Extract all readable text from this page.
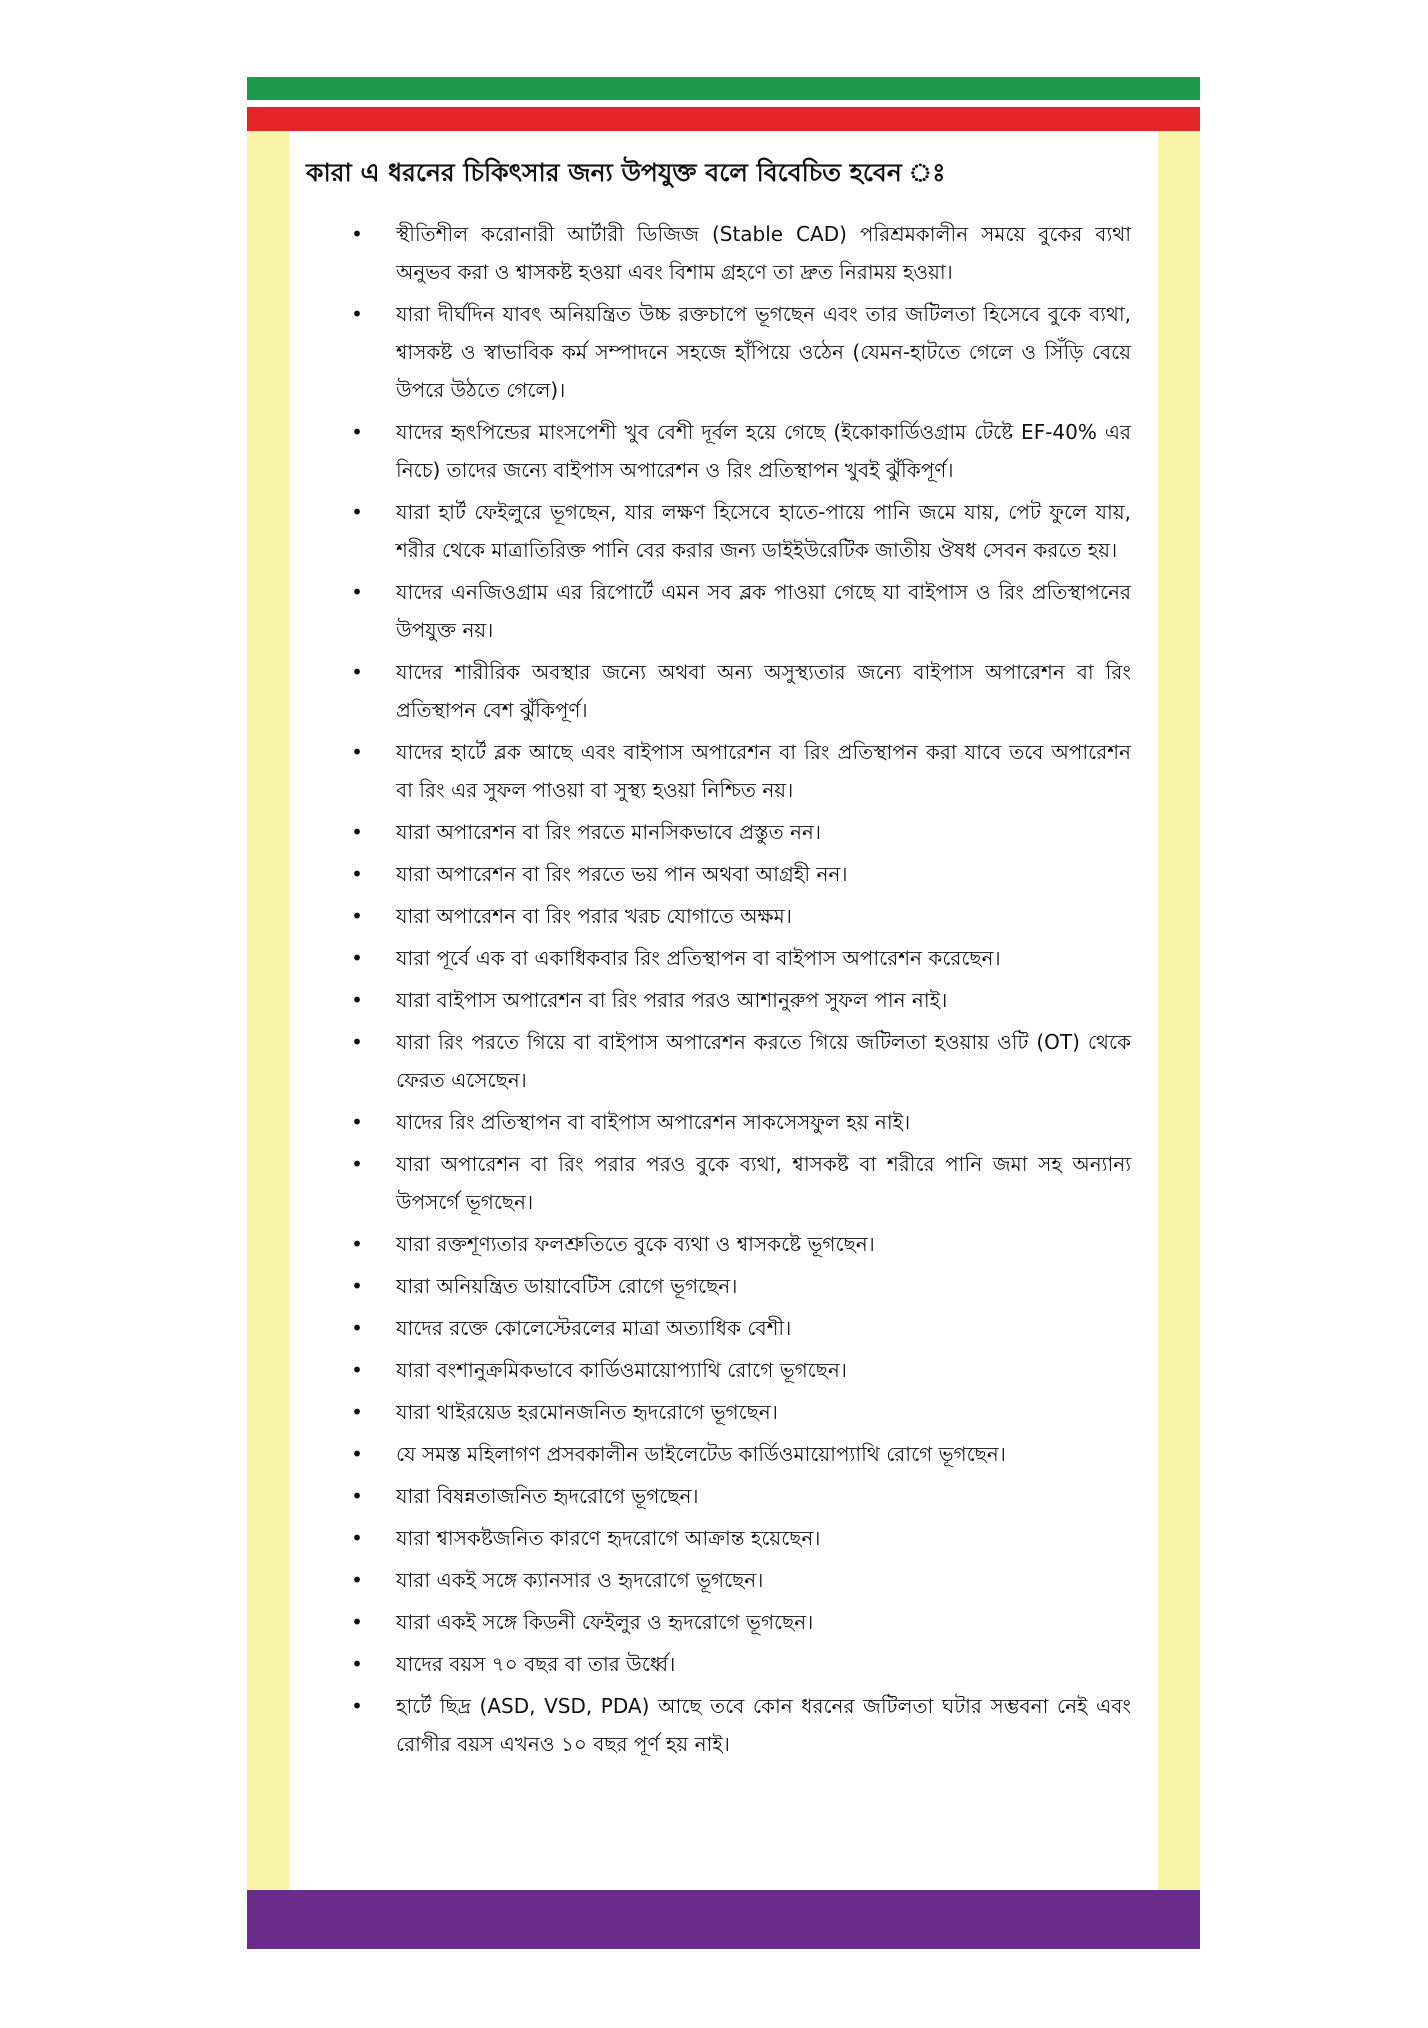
কারা এ ধরনের চিকিৎসার জন্য উপযুক্ত বলে বিবেচিত হবেন ঃ
• স্থীতিশীল করোনারী আর্টারী ডিজিজ (Stable CAD) পরিশ্রমকালীন সময়ে বুকের ব্যথা অনুভব করা ও শ্বাসকষ্ট হওয়া এবং বিশাম গ্রহণে তা দ্রুত নিরাময় হওয়া।
• যারা দীর্ঘদিন যাবৎ অনিয়ন্ত্রিত উচ্চ রক্তচাপে ভূগছেন এবং তার জটিলতা হিসেবে বুকে ব্যথা, শ্বাসকষ্ট ও স্বাভাবিক কর্ম সম্পাদনে সহজে হাঁপিয়ে ওঠেন (যেমন-হাটতে গেলে ও সিঁড়ি বেয়ে উপরে উঠতে গেলে)।
• যাদের হৃৎপিন্ডের মাংসপেশী খুব বেশী দূর্বল হয়ে গেছে (ইকোকার্ডিওগ্রাম টেষ্টে EF-40% এর নিচে) তাদের জন্যে বাইপাস অপারেশন ও রিং প্রতিস্থাপন খুবই ঝুঁকিপূর্ণ।
• যারা হার্ট ফেইলুরে ভূগছেন, যার লক্ষণ হিসেবে হাতে-পায়ে পানি জমে যায়, পেট ফুলে যায়, শরীর থেকে মাত্রাতিরিক্ত পানি বের করার জন্য ডাইইউরেটিক জাতীয় ঔষধ সেবন করতে হয়।
• যাদের এনজিওগ্রাম এর রিপোর্টে এমন সব ব্লক পাওয়া গেছে যা বাইপাস ও রিং প্রতিস্থাপনের উপযুক্ত নয়।
• যাদের শারীরিক অবস্থার জন্যে অথবা অন্য অসুস্থ্যতার জন্যে বাইপাস অপারেশন বা রিং প্রতিস্থাপন বেশ ঝুঁকিপূর্ণ।
• যাদের হার্টে ব্লক আছে এবং বাইপাস অপারেশন বা রিং প্রতিস্থাপন করা যাবে তবে অপারেশন বা রিং এর সুফল পাওয়া বা সুস্থ্য হওয়া নিশ্চিত নয়।
• যারা অপারেশন বা রিং পরতে মানসিকভাবে প্রস্তুত নন।
• যারা অপারেশন বা রিং পরতে ভয় পান অথবা আগ্রহী নন।
• যারা অপারেশন বা রিং পরার খরচ যোগাতে অক্ষম।
• যারা পূর্বে এক বা একাধিকবার রিং প্রতিস্থাপন বা বাইপাস অপারেশন করেছেন।
• যারা বাইপাস অপারেশন বা রিং পরার পরও আশানুরুপ সুফল পান নাই।
• যারা রিং পরতে গিয়ে বা বাইপাস অপারেশন করতে গিয়ে জটিলতা হওয়ায় ওটি (OT) থেকে ফেরত এসেছেন।
• যাদের রিং প্রতিস্থাপন বা বাইপাস অপারেশন সাকসেসফুল হয় নাই।
• যারা অপারেশন বা রিং পরার পরও বুকে ব্যথা, শ্বাসকষ্ট বা শরীরে পানি জমা সহ অন্যান্য উপসর্গে ভূগছেন।
• যারা রক্তশূণ্যতার ফলশ্রুতিতে বুকে ব্যথা ও শ্বাসকষ্টে ভূগছেন।
• যারা অনিয়ন্ত্রিত ডায়াবেটিস রোগে ভূগছেন।
• যাদের রক্তে কোলেস্টেরলের মাত্রা অত্যাধিক বেশী।
• যারা বংশানুক্রমিকভাবে কার্ডিওমায়োপ্যাথি রোগে ভূগছেন।
• যারা থাইরয়েড হরমোনজনিত হৃদরোগে ভূগছেন।
• যে সমস্ত মহিলাগণ প্রসবকালীন ডাইলেটেড কার্ডিওমায়োপ্যাথি রোগে ভূগছেন।
• যারা বিষন্নতাজনিত হৃদরোগে ভূগছেন।
• যারা শ্বাসকষ্টজনিত কারণে হৃদরোগে আক্রান্ত হয়েছেন।
• যারা একই সঙ্গে ক্যানসার ও হৃদরোগে ভূগছেন।
• যারা একই সঙ্গে কিডনী ফেইলুর ও হৃদরোগে ভূগছেন।
• যাদের বয়স ৭০ বছর বা তার উর্ধ্বে।
• হার্টে ছিদ্র (ASD, VSD, PDA) আছে তবে কোন ধরনের জটিলতা ঘটার সম্ভবনা নেই এবং রোগীর বয়স এখনও ১০ বছর পূর্ণ হয় নাই।
